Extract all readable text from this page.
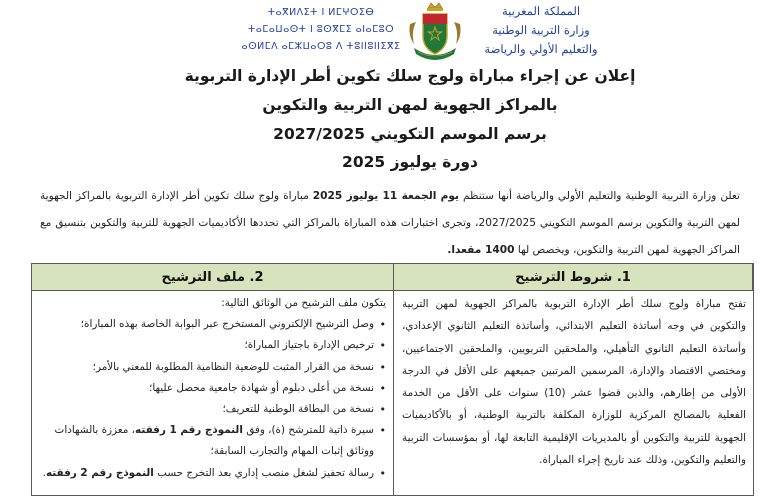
ⵜⴰⴳⵍⴷⵉⵜ ⵏ ⵍⵎⵖⵔⵉⴱ
ⵜⴰⵎⴰⵡⴰⵙⵜ ⵏ ⵓⵙⴳⵎⵉ ⴰⵏⴰⵎⵓⵔ
ⴰⵙⵍⵎⴷ ⴰⵎⵣⵡⴰⵔⵓ ⴷ ⵜⵓⵏⵏⵓⵏⵏⵉⴳⵉ
المملكة المغربية
وزارة التربية الوطنية
والتعليم الأولي والرياضة
إعلان عن إجراء مباراة ولوج سلك تكوين أطر الإدارة التربوية
بالمراكز الجهوية لمهن التربية والتكوين
برسم الموسم التكويني 2027/2025
دورة يوليوز 2025
تعلن وزارة التربية الوطنية والتعليم الأولي والرياضة أنها ستنظم يوم الجمعة 11 يوليوز 2025 مباراة ولوج سلك تكوين أطر الإدارة التربوية بالمراكز الجهوية لمهن التربية والتكوين برسم الموسم التكويني 2027/2025، وتجرى اختبارات هذه المباراة بالمراكز التي تحددها الأكاديميات الجهوية للتربية والتكوين بتنسيق مع المراكز الجهوية لمهن التربية والتكوين، ويخصص لها 1400 مقعدا.
1. شروط الترشيح
2. ملف الترشيح
تفتح مباراة ولوج سلك أطر الإدارة التربوية بالمراكز الجهوية لمهن التربية والتكوين في وجه أساتذة التعليم الابتدائي، وأساتذة التعليم الثانوي الإعدادي، وأساتذة التعليم الثانوي التأهيلي، والملحقين التربويين، والملحقين الاجتماعيين، ومختصي الاقتصاد والإدارة، المرسمين المرتبين جميعهم على الأقل في الدرجة الأولى من إطارهم، والذين قضوا عشر (10) سنوات على الأقل من الخدمة الفعلية بالمصالح المركزية للوزارة المكلفة بالتربية الوطنية، أو بالأكاديميات الجهوية للتربية والتكوين أو بالمديريات الإقليمية التابعة لها، أو بمؤسسات التربية والتعليم والتكوين، وذلك عند تاريخ إجراء المباراة.
يتكون ملف الترشيح من الوثائق التالية:
• وصل الترشيح الإلكتروني المستخرج عبر البوابة الخاصة بهذه المباراة؛
• ترخيص الإدارة باجتياز المباراة؛
• نسخة من القرار المثبت للوضعية النظامية المطلوبة للمعني بالأمر؛
• نسخة من أعلى دبلوم أو شهادة جامعية محصل عليها؛
• نسخة من البطاقة الوطنية للتعريف؛
• سيرة ذاتية للمترشح (ة)، وفق النموذج رقم 1 رفقته، معززة بالشهادات ووثائق إثبات المهام والتجارب السابقة؛
• رسالة تحفيز لشغل منصب إداري بعد التخرج حسب النموذج رقم 2 رفقته.
